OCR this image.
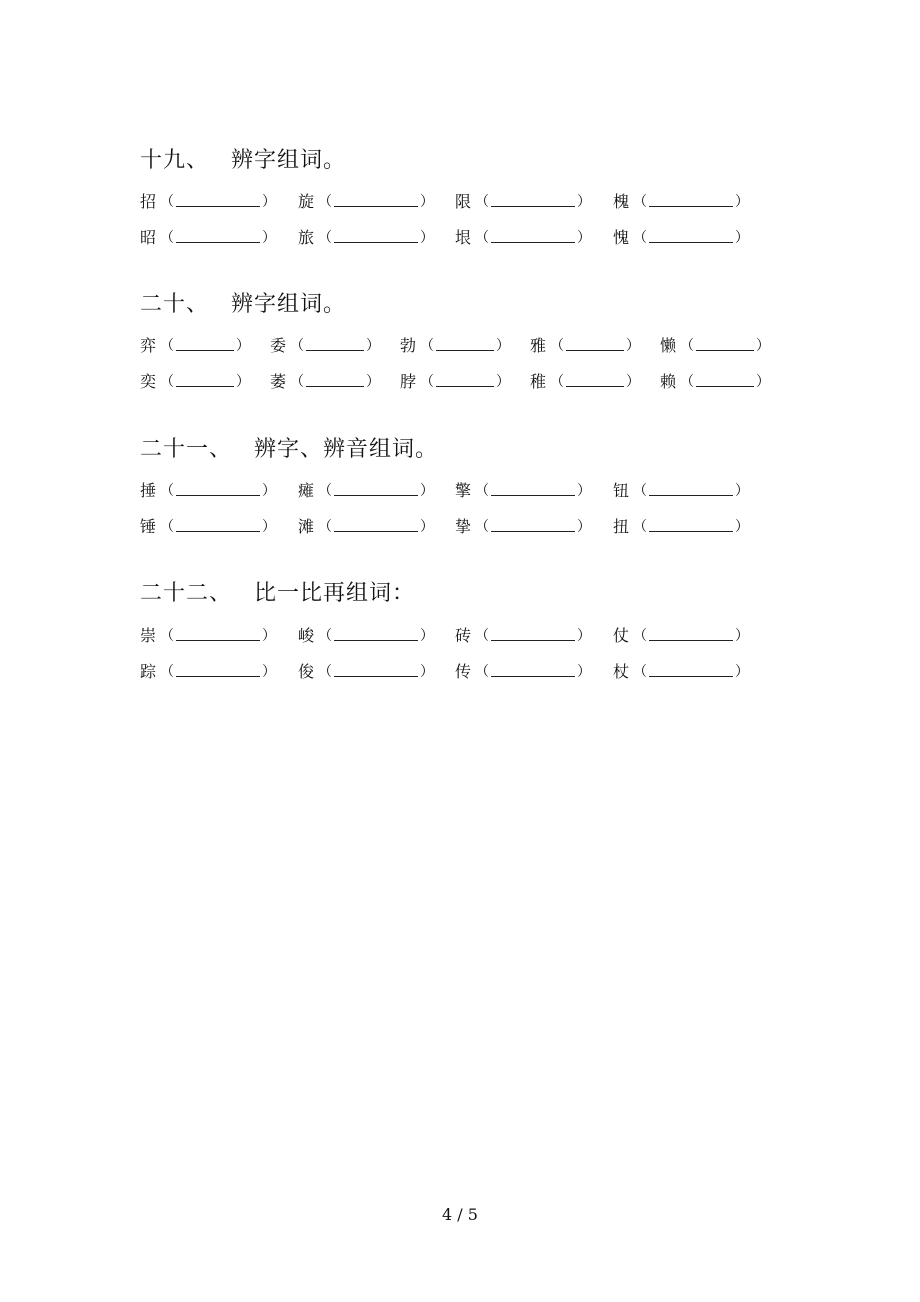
十九、 辨字组词。
招 （	） 旋 （	） 限 （	） 槐 （	）
昭 （	） 旅 （	） 垠 （	） 愧 （	）
二十、 辨字组词。
弈 （	） 委 （	） 勃 （	） 雅 （	） 懒 （	）
奕 （	） 萎 （	） 脖 （	） 稚 （	） 赖 （	）
二十一、 辨字、辨音组词。
捶 （	） 瘫 （	） 擎 （	） 钮 （	）
锤 （	） 滩 （	） 挚 （	） 扭 （	）
二十二、 比一比再组词：
崇 （	） 峻 （	） 砖 （	） 仗 （	）
踪 （	） 俊 （	） 传 （	） 杖 （	）
4 / 5
